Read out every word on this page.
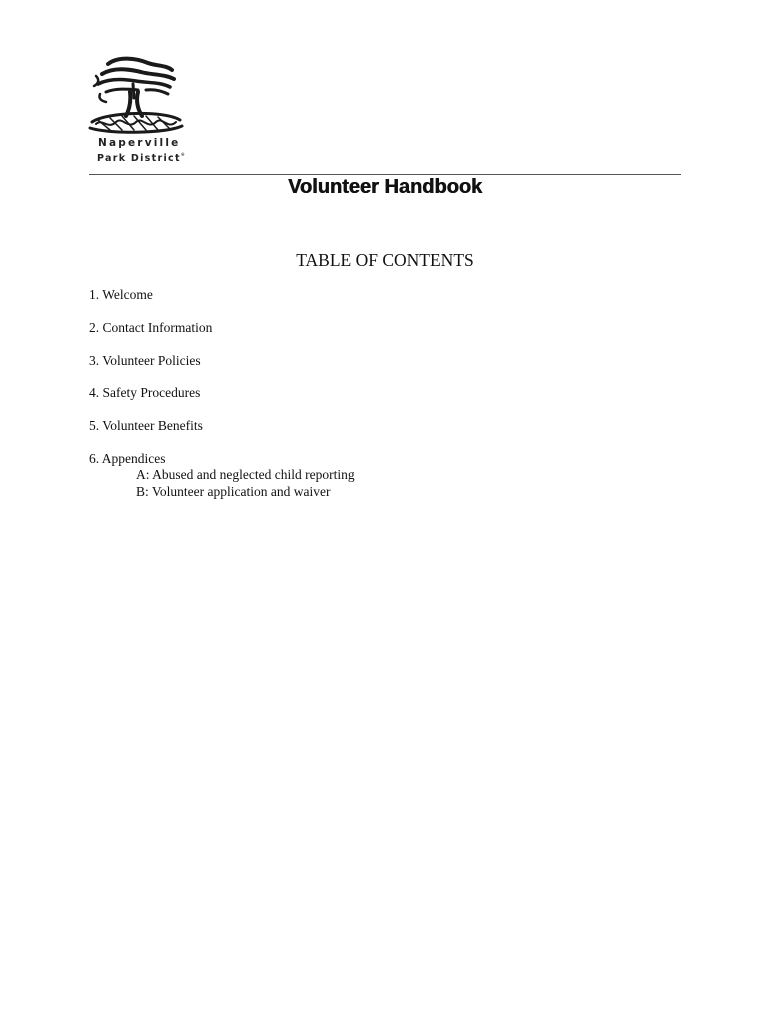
Naperville
Park District®
Volunteer Handbook
TABLE OF CONTENTS
1. Welcome
2. Contact Information
3. Volunteer Policies
4. Safety Procedures
5. Volunteer Benefits
6. Appendices
A: Abused and neglected child reporting
B: Volunteer application and waiver
